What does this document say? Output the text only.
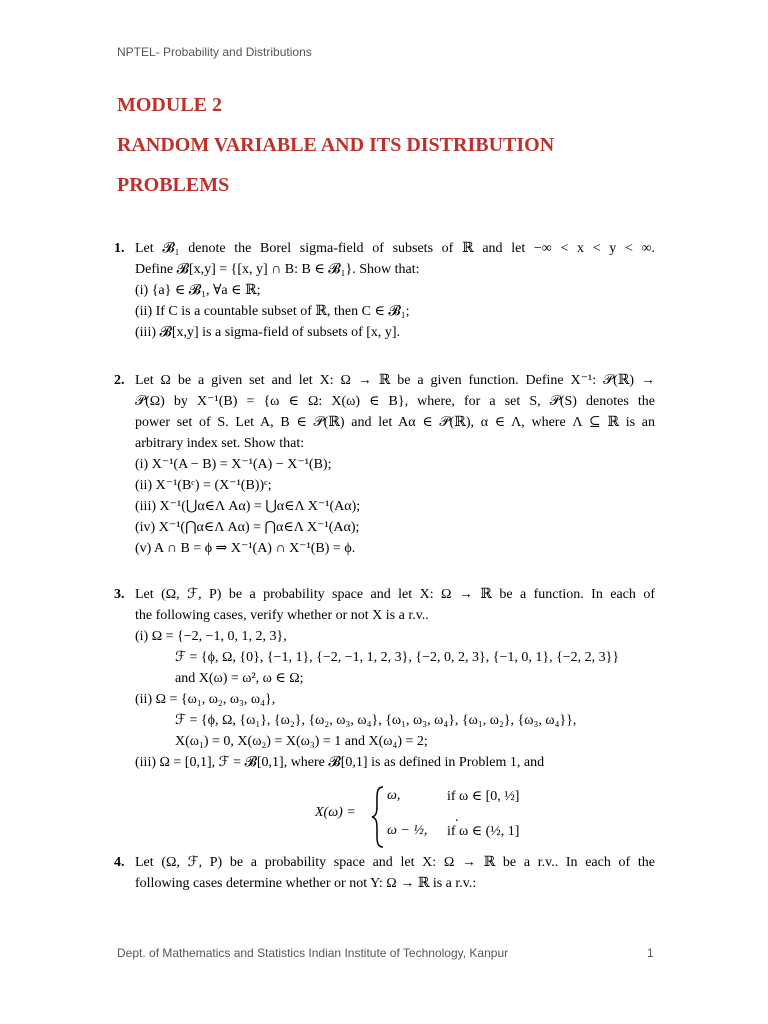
NPTEL- Probability and Distributions
MODULE 2
RANDOM VARIABLE AND ITS DISTRIBUTION
PROBLEMS
1. Let 𝓑₁ denote the Borel sigma-field of subsets of ℝ and let −∞ < x < y < ∞.
Define 𝓑[x,y] = {[x, y] ∩ B: B ∈ 𝓑₁}. Show that:
(i) {a} ∈ 𝓑₁, ∀a ∈ ℝ;
(ii) If C is a countable subset of ℝ, then C ∈ 𝓑₁;
(iii) 𝓑[x,y] is a sigma-field of subsets of [x, y].
2. Let Ω be a given set and let X: Ω → ℝ be a given function. Define X⁻¹: 𝒫(ℝ) →
𝒫(Ω) by X⁻¹(B) = {ω ∈ Ω: X(ω) ∈ B}, where, for a set S, 𝒫(S) denotes the
power set of S. Let A, B ∈ 𝒫(ℝ) and let Aα ∈ 𝒫(ℝ), α ∈ Λ, where Λ ⊆ ℝ is an
arbitrary index set. Show that:
(i) X⁻¹(A − B) = X⁻¹(A) − X⁻¹(B);
(ii) X⁻¹(Bᶜ) = (X⁻¹(B))ᶜ;
(iii) X⁻¹(⋃α∈Λ Aα) = ⋃α∈Λ X⁻¹(Aα);
(iv) X⁻¹(⋂α∈Λ Aα) = ⋂α∈Λ X⁻¹(Aα);
(v) A ∩ B = ϕ ⇒ X⁻¹(A) ∩ X⁻¹(B) = ϕ.
3. Let (Ω, ℱ, P) be a probability space and let X: Ω → ℝ be a function. In each of
the following cases, verify whether or not X is a r.v..
(i) Ω = {−2, −1, 0, 1, 2, 3},
ℱ = {ϕ, Ω, {0}, {−1, 1}, {−2, −1, 1, 2, 3}, {−2, 0, 2, 3}, {−1, 0, 1}, {−2, 2, 3}}
and X(ω) = ω², ω ∈ Ω;
(ii) Ω = {ω₁, ω₂, ω₃, ω₄},
ℱ = {ϕ, Ω, {ω₁}, {ω₂}, {ω₂, ω₃, ω₄}, {ω₁, ω₃, ω₄}, {ω₁, ω₂}, {ω₃, ω₄}},
X(ω₁) = 0, X(ω₂) = X(ω₃) = 1 and X(ω₄) = 2;
(iii) Ω = [0,1], ℱ = 𝓑[0,1], where 𝓑[0,1] is as defined in Problem 1, and
X(ω) =
ω,	if ω ∈ [0, ½]
ω − ½, if ω ∈ (½, 1]
.
4. Let (Ω, ℱ, P) be a probability space and let X: Ω → ℝ be a r.v.. In each of the
following cases determine whether or not Y: Ω → ℝ is a r.v.:
Dept. of Mathematics and Statistics Indian Institute of Technology, Kanpur	1
